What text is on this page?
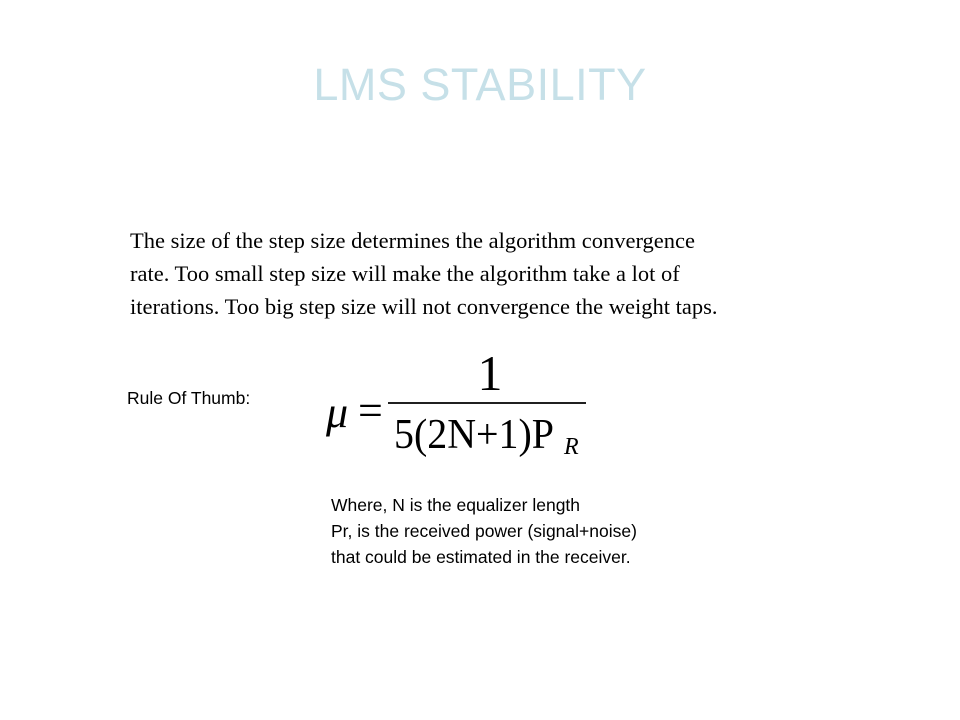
LMS STABILITY
The size of the step size determines the algorithm convergence
rate. Too small step size will make the algorithm take a lot of
iterations. Too big step size will not convergence the weight taps.
Rule Of Thumb: μ =
1
5(2N+1)P R
Where, N is the equalizer length
Pr, is the received power (signal+noise)
that could be estimated in the receiver.
